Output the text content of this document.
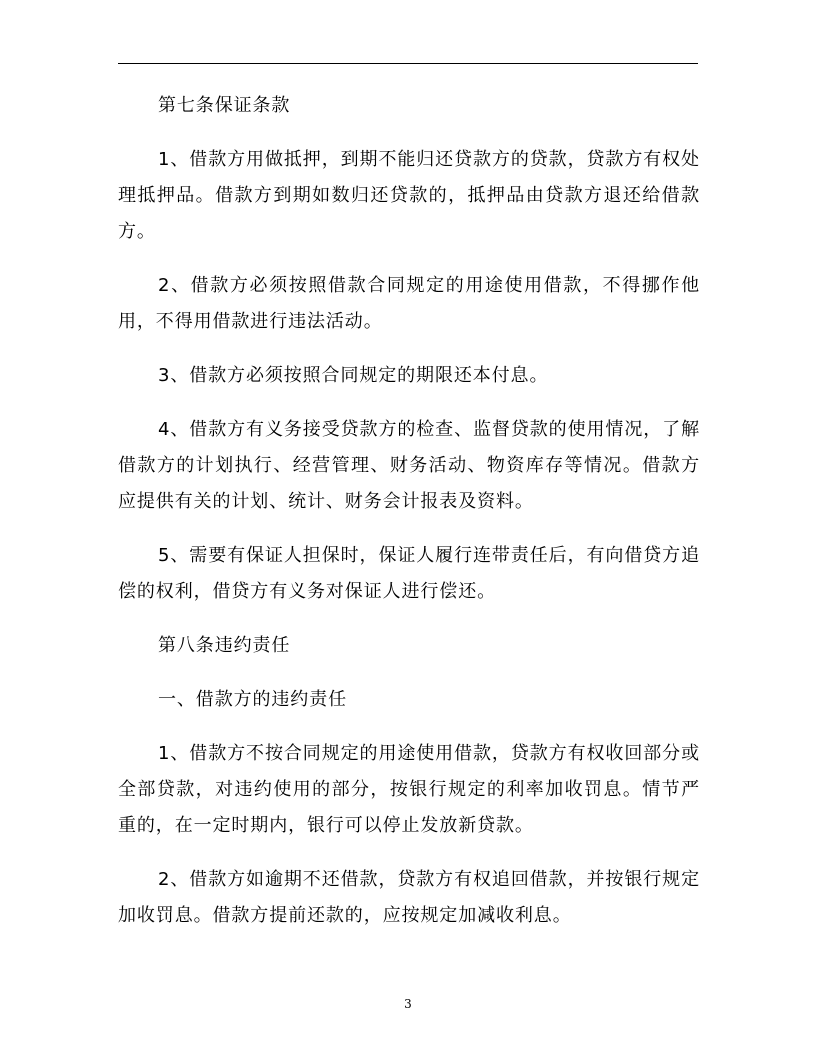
第七条保证条款

1、借款方用做抵押，到期不能归还贷款方的贷款，贷款方有权处理抵押品。借款方到期如数归还贷款的，抵押品由贷款方退还给借款方。

2、借款方必须按照借款合同规定的用途使用借款，不得挪作他用，不得用借款进行违法活动。

3、借款方必须按照合同规定的期限还本付息。

4、借款方有义务接受贷款方的检查、监督贷款的使用情况，了解借款方的计划执行、经营管理、财务活动、物资库存等情况。借款方应提供有关的计划、统计、财务会计报表及资料。

5、需要有保证人担保时，保证人履行连带责任后，有向借贷方追偿的权利，借贷方有义务对保证人进行偿还。

第八条违约责任

一、借款方的违约责任

1、借款方不按合同规定的用途使用借款，贷款方有权收回部分或全部贷款，对违约使用的部分，按银行规定的利率加收罚息。情节严重的，在一定时期内，银行可以停止发放新贷款。

2、借款方如逾期不还借款，贷款方有权追回借款，并按银行规定加收罚息。借款方提前还款的，应按规定加减收利息。

3
